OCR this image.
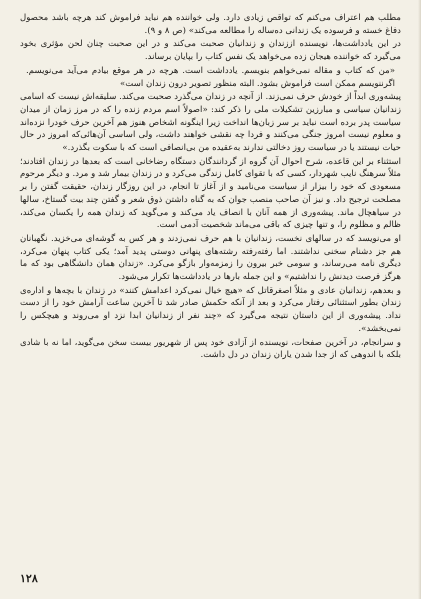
مطلب هم اعتراف می‌کنم که تواقص زیادی دارد. ولی خواننده هم نباید فراموش کند هرچه باشد محصول دفاغ خسته و فرسوده یک زندانی ده‌ساله را مطالعه می‌کند» (ص ۸ و ۹).

در این یادداشت‌ها، نویسنده اززندان و زندانیان صحبت می‌کند و در این صحبت چنان لحن مؤثری بخود می‌گیرد که خواننده هیجان زده می‌خواهد یک نفس کتاب را بپایان برساند.

«من که کتاب و مقاله نمی‌خواهم بنویسم. یادداشت است. هرچه در هر موقع بیادم می‌آید می‌نویسم. اگرننویسم ممکن است فراموش بشود. البته منظور تصویر درون زندان است»

پیشه‌وری ابداً از خودش حرف نمی‌زند. از آنچه در زندان می‌گذرد صحبت می‌کند. سلیقه‌اش نیست که اسامی زندانیان سیاسی و مبارزین تشکیلات ملی را ذکر کند: «اصولاً اسم مردم زنده را که در مرز زمان از میدان سیاست پدر برده است نباید بر سر زبان‌ها انداخت زیرا اینگونه اشخاص هنوز هم آخرین حرف خودرا نزده‌اند و معلوم نیست امروز جنگی می‌کنند و فردا چه نقشی خواهند داشت، ولی اساسی آن‌هائی‌که امروز در حال حیات نیستند یا در سیاست روز دخالتی ندارند به‌عقیده من بی‌انصافی است که با سکوت بگذرد.»

استثناء بر این قاعده، شرح احوال آن گروه از گردانندگان دستگاه رضاخانی است که بعدها در زندان افتادند؛ مثلاً سرهنگ نایب شهردار، کسی که با تقوای کامل زندگی می‌کرد و در زندان بیمار شد و مرد. و دیگر مرحوم مسعودی که خود را بیزار از سیاست می‌نامید و از آغاز تا انجام، در این روزگار زندان، حقیقت گفتن را بر مصلحت ترجیح داد. و نیز آن صاحب منصب جوان که به گناه داشتن ذوق شعر و گفتن چند بیت گستاخ، سالها در سیاهچال ماند. پیشه‌وری از همه آنان با انصاف یاد می‌کند و می‌گوید که زندان همه را یکسان می‌کند، ظالم و مظلوم را، و تنها چیزی که باقی می‌ماند شخصیت آدمی است.

او می‌نویسد که در سالهای نخست، زندانیان با هم حرف نمی‌زدند و هر کس به گوشه‌ای می‌خزید. نگهبانان هم جز دشنام سخنی نداشتند. اما رفته‌رفته رشته‌های پنهانی دوستی پدید آمد؛ یکی کتاب پنهان می‌کرد، دیگری نامه می‌رساند، و سومی خبر بیرون را زمزمه‌وار بازگو می‌کرد. «زندان همان دانشگاهی بود که ما هرگز فرصت دیدنش را نداشتیم» و این جمله بارها در یادداشت‌ها تکرار می‌شود.

و بعدهم، زندانیان عادی و مثلاً اصغرقاتل که «هیچ خیال نمی‌کرد اعدامش کنند» در زندان با بچه‌ها و اداره‌ی زندان بطور استثنائی رفتار می‌کرد و بعد از آنکه حکمش صادر شد تا آخرین ساعت آرامش خود را از دست نداد. پیشه‌وری از این داستان نتیجه می‌گیرد که «چند نفر از زندانیان ابدا نزد او می‌روند و هیچکس را نمی‌بخشد».

و سرانجام، در آخرین صفحات، نویسنده از آزادی خود پس از شهریور بیست سخن می‌گوید، اما نه با شادی بلکه با اندوهی که از جدا شدن یاران زندان در دل داشت.

۱۲۸
